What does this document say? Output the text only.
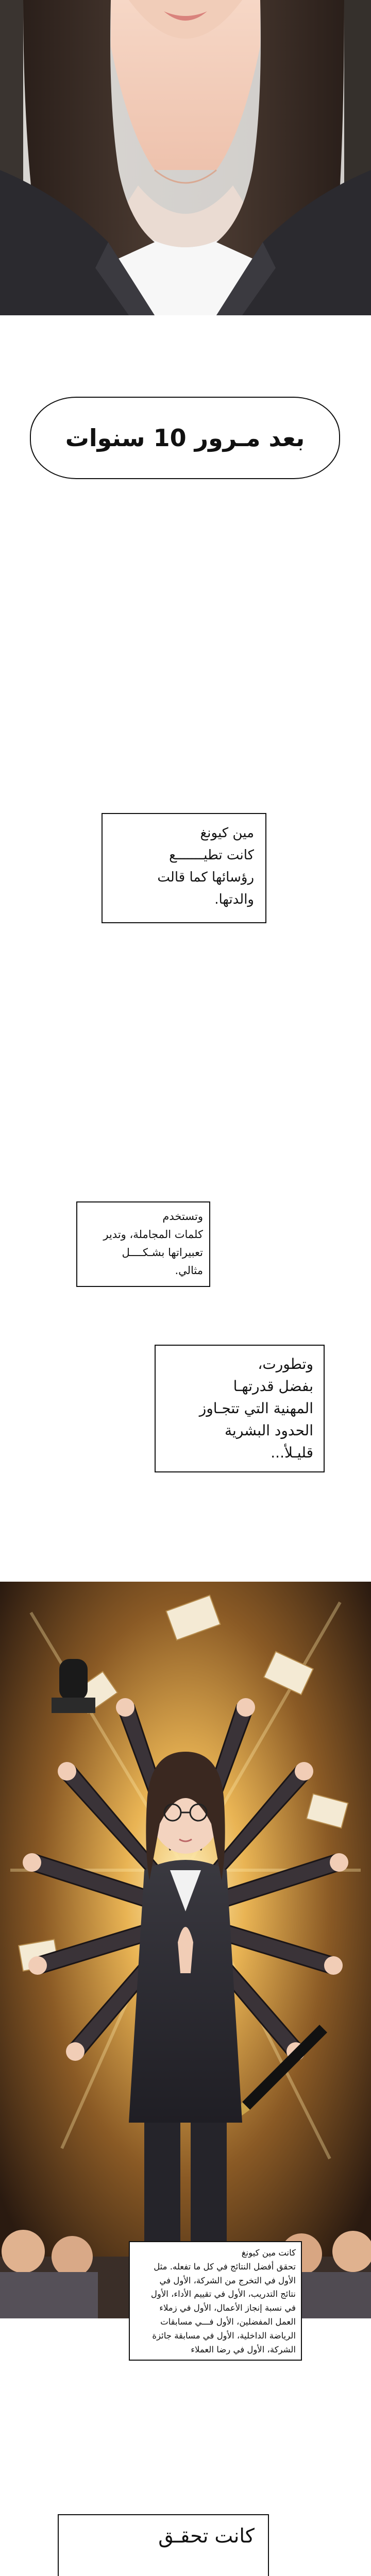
بعد مـرور 10 سنوات
مين كيونغ
كانت تطيـــــــع
رؤسائها كما قالت
والدتها.
وتستخدم
كلمات المجاملة، وتدير
تعبيراتها بشـكــــل
مثالي.
وتطورت،
بفضل قدرتهـا
المهنية التي تتجـاوز
الحدود البشرية
قليـلأ...
كانت مين كيونغ
تحقق أفضل النتائج في كل ما تفعله. مثل
الأول في التخرج من الشركة، الأول في
نتائج التدريب، الأول في تقييم الأداء، الأول
في نسبة إنجاز الأعمال، الأول في زملاء
العمل المفضلين، الأول فـــي مسابقات
الرياضة الداخلية، الأول في مسابقة جائزة
الشركة، الأول في رضا العملاء
كانت تحقـق
